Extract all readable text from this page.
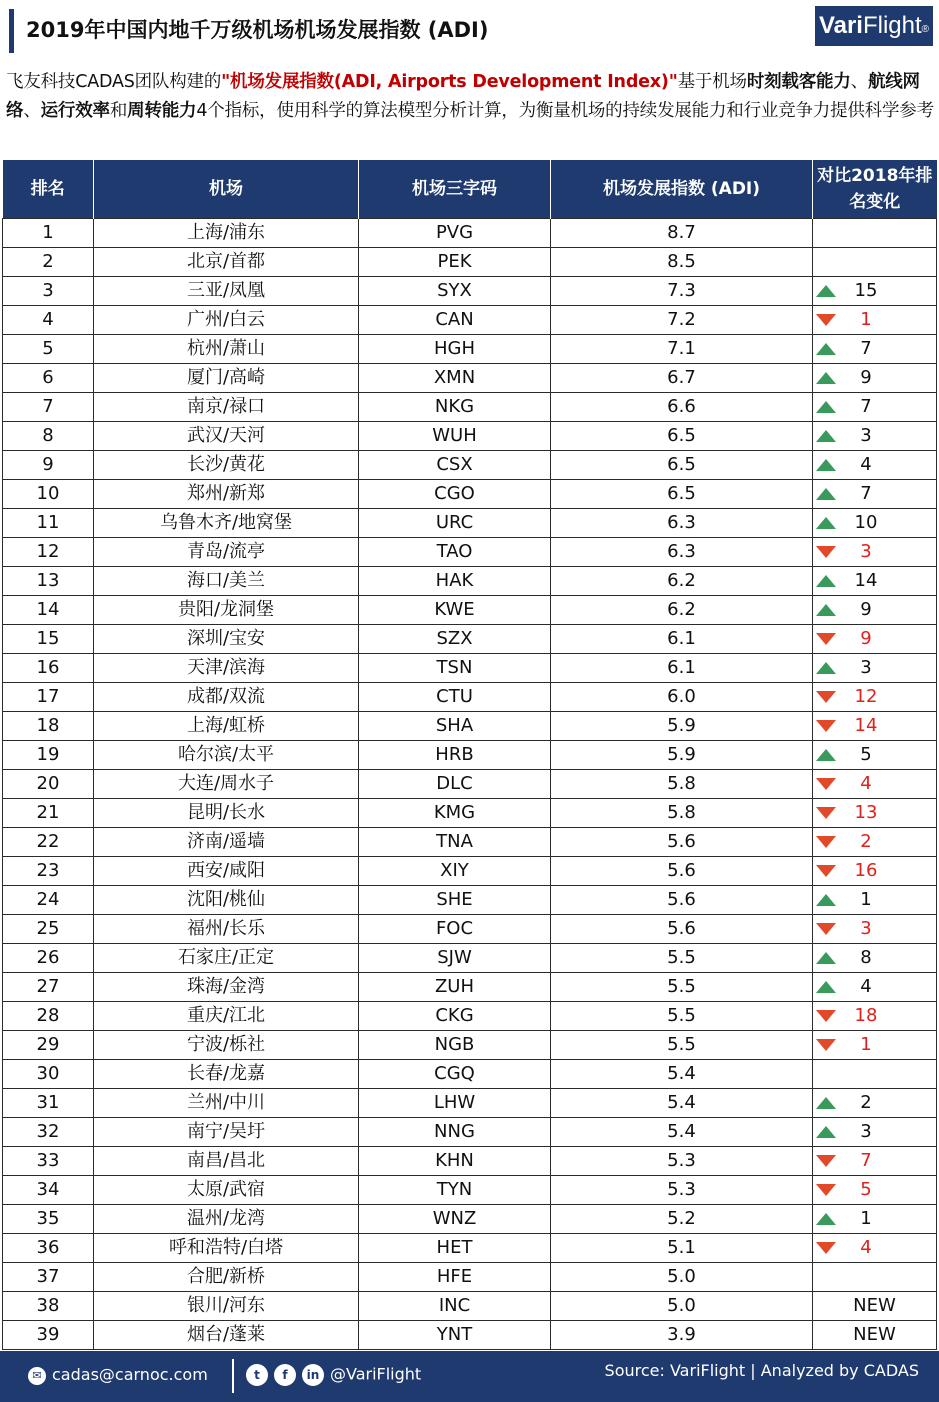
2019年中国内地千万级机场机场发展指数 (ADI)	VariFlight®
飞友科技CADAS团队构建的"机场发展指数(ADI, Airports Development Index)"基于机场时刻载客能力、航线网络、运行效率和周转能力4个指标，使用科学的算法模型分析计算，为衡量机场的持续发展能力和行业竞争力提供科学参考
排名	机场	机场三字码	机场发展指数 (ADI)	对比2018年排名变化
1	上海/浦东	PVG	8.7	
2	北京/首都	PEK	8.5	
3	三亚/凤凰	SYX	7.3	15
4	广州/白云	CAN	7.2	1
5	杭州/萧山	HGH	7.1	7
6	厦门/高崎	XMN	6.7	9
7	南京/禄口	NKG	6.6	7
8	武汉/天河	WUH	6.5	3
9	长沙/黄花	CSX	6.5	4
10	郑州/新郑	CGO	6.5	7
11	乌鲁木齐/地窝堡	URC	6.3	10
12	青岛/流亭	TAO	6.3	3
13	海口/美兰	HAK	6.2	14
14	贵阳/龙洞堡	KWE	6.2	9
15	深圳/宝安	SZX	6.1	9
16	天津/滨海	TSN	6.1	3
17	成都/双流	CTU	6.0	12
18	上海/虹桥	SHA	5.9	14
19	哈尔滨/太平	HRB	5.9	5
20	大连/周水子	DLC	5.8	4
21	昆明/长水	KMG	5.8	13
22	济南/遥墙	TNA	5.6	2
23	西安/咸阳	XIY	5.6	16
24	沈阳/桃仙	SHE	5.6	1
25	福州/长乐	FOC	5.6	3
26	石家庄/正定	SJW	5.5	8
27	珠海/金湾	ZUH	5.5	4
28	重庆/江北	CKG	5.5	18
29	宁波/栎社	NGB	5.5	1
30	长春/龙嘉	CGQ	5.4	
31	兰州/中川	LHW	5.4	2
32	南宁/吴圩	NNG	5.4	3
33	南昌/昌北	KHN	5.3	7
34	太原/武宿	TYN	5.3	5
35	温州/龙湾	WNZ	5.2	1
36	呼和浩特/白塔	HET	5.1	4
37	合肥/新桥	HFE	5.0	
38	银川/河东	INC	5.0	NEW

39	烟台/蓬莱	YNT	3.9	NEW
✉ cadas@carnoc.com	t f in @VariFlight	Source: VariFlight | Analyzed by CADAS
